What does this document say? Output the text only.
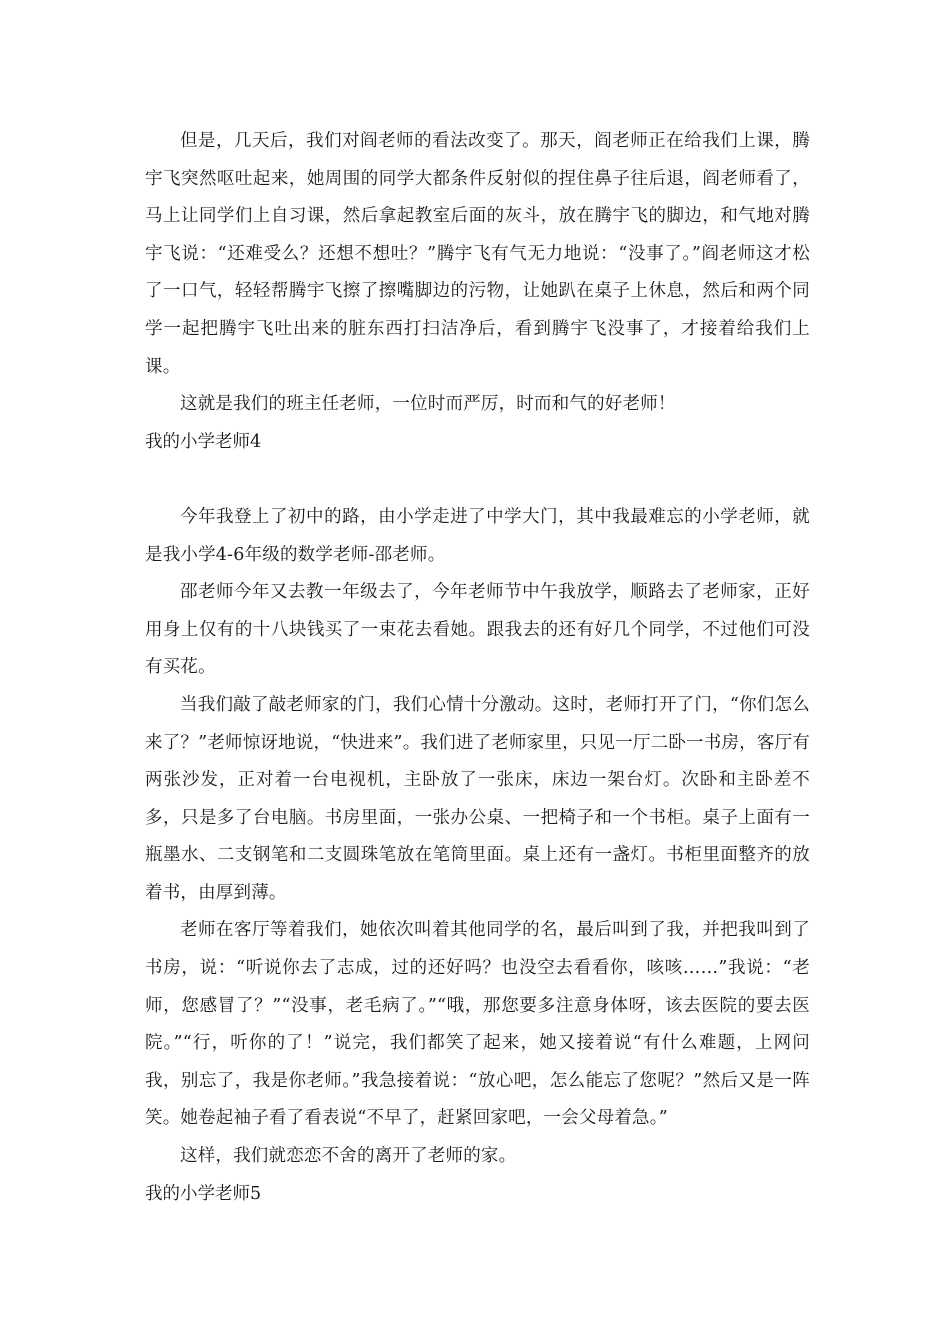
但是，几天后，我们对阎老师的看法改变了。那天，阎老师正在给我们上课，腾宇飞突然呕吐起来，她周围的同学大都条件反射似的捏住鼻子往后退，阎老师看了，马上让同学们上自习课，然后拿起教室后面的灰斗，放在腾宇飞的脚边，和气地对腾宇飞说：“还难受么？还想不想吐？”腾宇飞有气无力地说：“没事了。”阎老师这才松了一口气，轻轻帮腾宇飞擦了擦嘴脚边的污物，让她趴在桌子上休息，然后和两个同学一起把腾宇飞吐出来的脏东西打扫洁净后，看到腾宇飞没事了，才接着给我们上课。

这就是我们的班主任老师，一位时而严厉，时而和气的好老师！

我的小学老师4

今年我登上了初中的路，由小学走进了中学大门，其中我最难忘的小学老师，就是我小学4-6年级的数学老师-邵老师。

邵老师今年又去教一年级去了，今年老师节中午我放学，顺路去了老师家，正好用身上仅有的十八块钱买了一束花去看她。跟我去的还有好几个同学，不过他们可没有买花。

当我们敲了敲老师家的门，我们心情十分激动。这时，老师打开了门，“你们怎么来了？”老师惊讶地说，“快进来”。我们进了老师家里，只见一厅二卧一书房，客厅有两张沙发，正对着一台电视机，主卧放了一张床，床边一架台灯。次卧和主卧差不多，只是多了台电脑。书房里面，一张办公桌、一把椅子和一个书柜。桌子上面有一瓶墨水、二支钢笔和二支圆珠笔放在笔筒里面。桌上还有一盏灯。书柜里面整齐的放着书，由厚到薄。

老师在客厅等着我们，她依次叫着其他同学的名，最后叫到了我，并把我叫到了书房，说：“听说你去了志成，过的还好吗？也没空去看看你，咳咳……”我说：“老师，您感冒了？”“没事，老毛病了。”“哦，那您要多注意身体呀，该去医院的要去医院。”“行，听你的了！”说完，我们都笑了起来，她又接着说“有什么难题，上网问我，别忘了，我是你老师。”我急接着说：“放心吧，怎么能忘了您呢？”然后又是一阵笑。她卷起袖子看了看表说“不早了，赶紧回家吧，一会父母着急。”

这样，我们就恋恋不舍的离开了老师的家。

我的小学老师5
